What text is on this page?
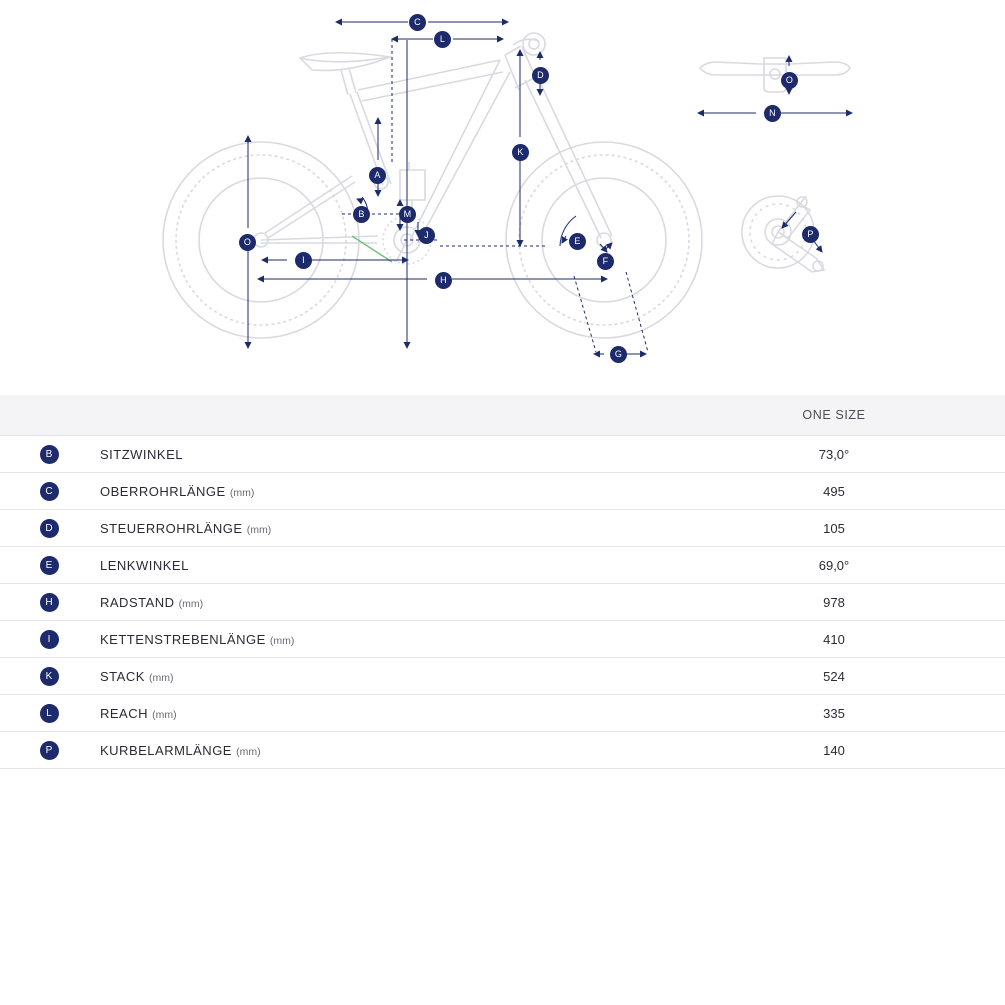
C
L
D
A
K
B	M
J
O	E
F
I
H
G
O
N
P
		ONE SIZE
B	SITZWINKEL	73,0°
C	OBERROHRLÄNGE (mm)	495
D	STEUERROHRLÄNGE (mm)	105
E	LENKWINKEL	69,0°
H	RADSTAND (mm)	978
I	KETTENSTREBENLÄNGE (mm)	410
K	STACK (mm)	524
L	REACH (mm)	335
P	KURBELARMLÄNGE (mm)	140
